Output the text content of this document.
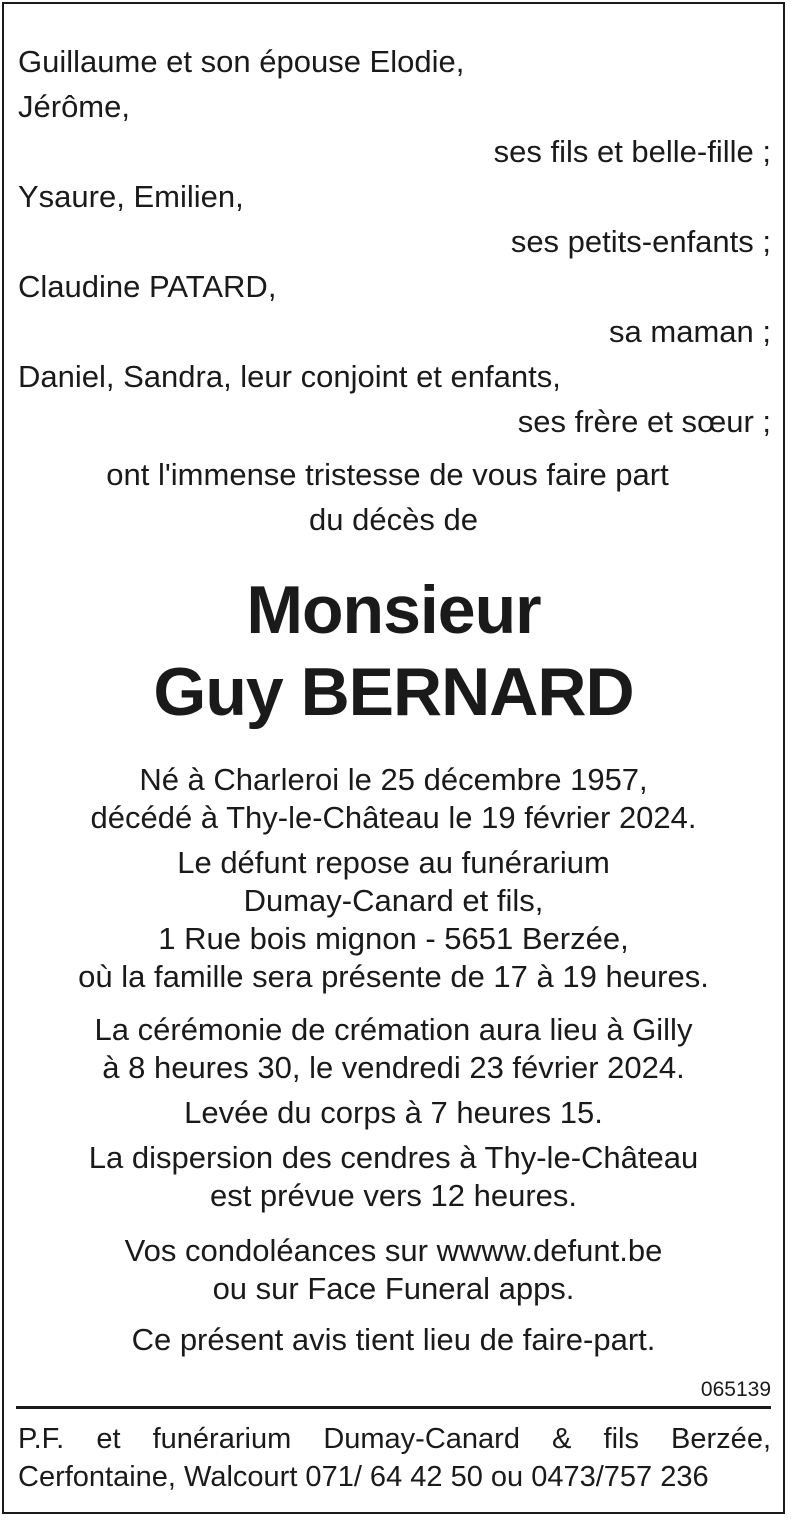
Guillaume et son épouse Elodie,
Jérôme,
ses fils et belle-fille ;
Ysaure, Emilien,
ses petits-enfants ;
Claudine PATARD,
sa maman ;
Daniel, Sandra, leur conjoint et enfants,
ses frère et sœur ;
ont l'immense tristesse de vous faire part
du décès de
Monsieur
Guy BERNARD
Né à Charleroi le 25 décembre 1957,
décédé à Thy-le-Château le 19 février 2024.
Le défunt repose au funérarium
Dumay-Canard et fils,
1 Rue bois mignon - 5651 Berzée,
où la famille sera présente de 17 à 19 heures.
La cérémonie de crémation aura lieu à Gilly
à 8 heures 30, le vendredi 23 février 2024.
Levée du corps à 7 heures 15.
La dispersion des cendres à Thy-le-Château
est prévue vers 12 heures.
Vos condoléances sur wwww.defunt.be
ou sur Face Funeral apps.
Ce présent avis tient lieu de faire-part.
065139
P.F. et funérarium Dumay-Canard & fils Berzée,
Cerfontaine, Walcourt 071/ 64 42 50 ou 0473/757 236
